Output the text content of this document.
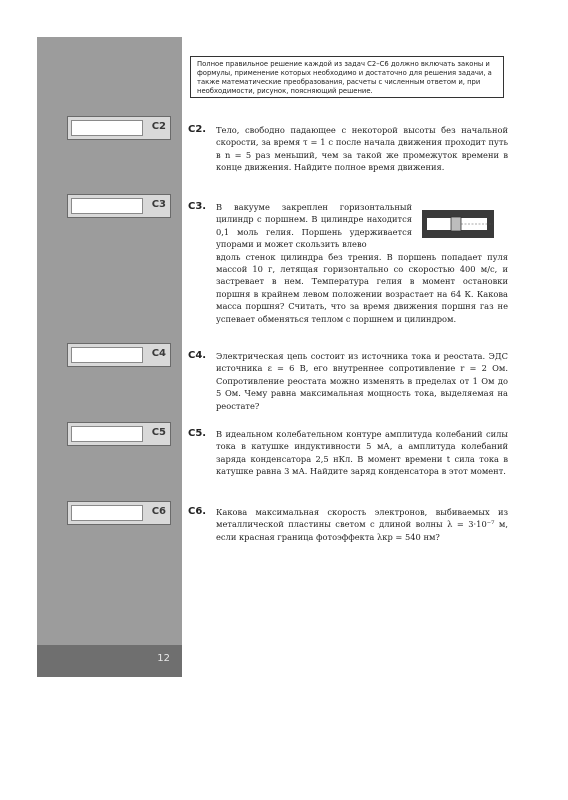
12
C2
C3
C4
C5
C6
Полное правильное решение каждой из задач С2–С6 должно включать законы и формулы, применение которых необходимо и достаточно для решения задачи, а также математические преобразования, расчеты с численным ответом и, при необходимости, рисунок, поясняющий решение.
С2. Тело, свободно падающее с некоторой высоты без начальной скорости, за время τ = 1 с после начала движения проходит путь в n = 5 раз меньший, чем за такой же промежуток времени в конце движения. Найдите полное время движения.
С3. В вакууме закреплен горизонтальный цилиндр с поршнем. В цилиндре находится 0,1 моль гелия. Поршень удерживается упорами и может скользить влево
вдоль стенок цилиндра без трения. В поршень попадает пуля массой 10 г, летящая горизонтально со скоростью 400 м/с, и застревает в нем. Температура гелия в момент остановки поршня в крайнем левом положении возрастает на 64 К. Какова масса поршня? Считать, что за время движения поршня газ не успевает обменяться теплом с поршнем и цилиндром.
С4. Электрическая цепь состоит из источника тока и реостата. ЭДС источника ε = 6 В, его внутреннее сопротивление r = 2 Ом. Сопротивление реостата можно изменять в пределах от 1 Ом до 5 Ом. Чему равна максимальная мощность тока, выделяемая на реостате?
С5. В идеальном колебательном контуре амплитуда колебаний силы тока в катушке индуктивности 5 мА, а амплитуда колебаний заряда конденсатора 2,5 нКл. В момент времени t сила тока в катушке равна 3 мА. Найдите заряд конденсатора в этот момент.
С6. Какова максимальная скорость электронов, выбиваемых из металлической пластины светом с длиной волны λ = 3·10⁻⁷ м, если красная граница фотоэффекта λкр = 540 нм?
